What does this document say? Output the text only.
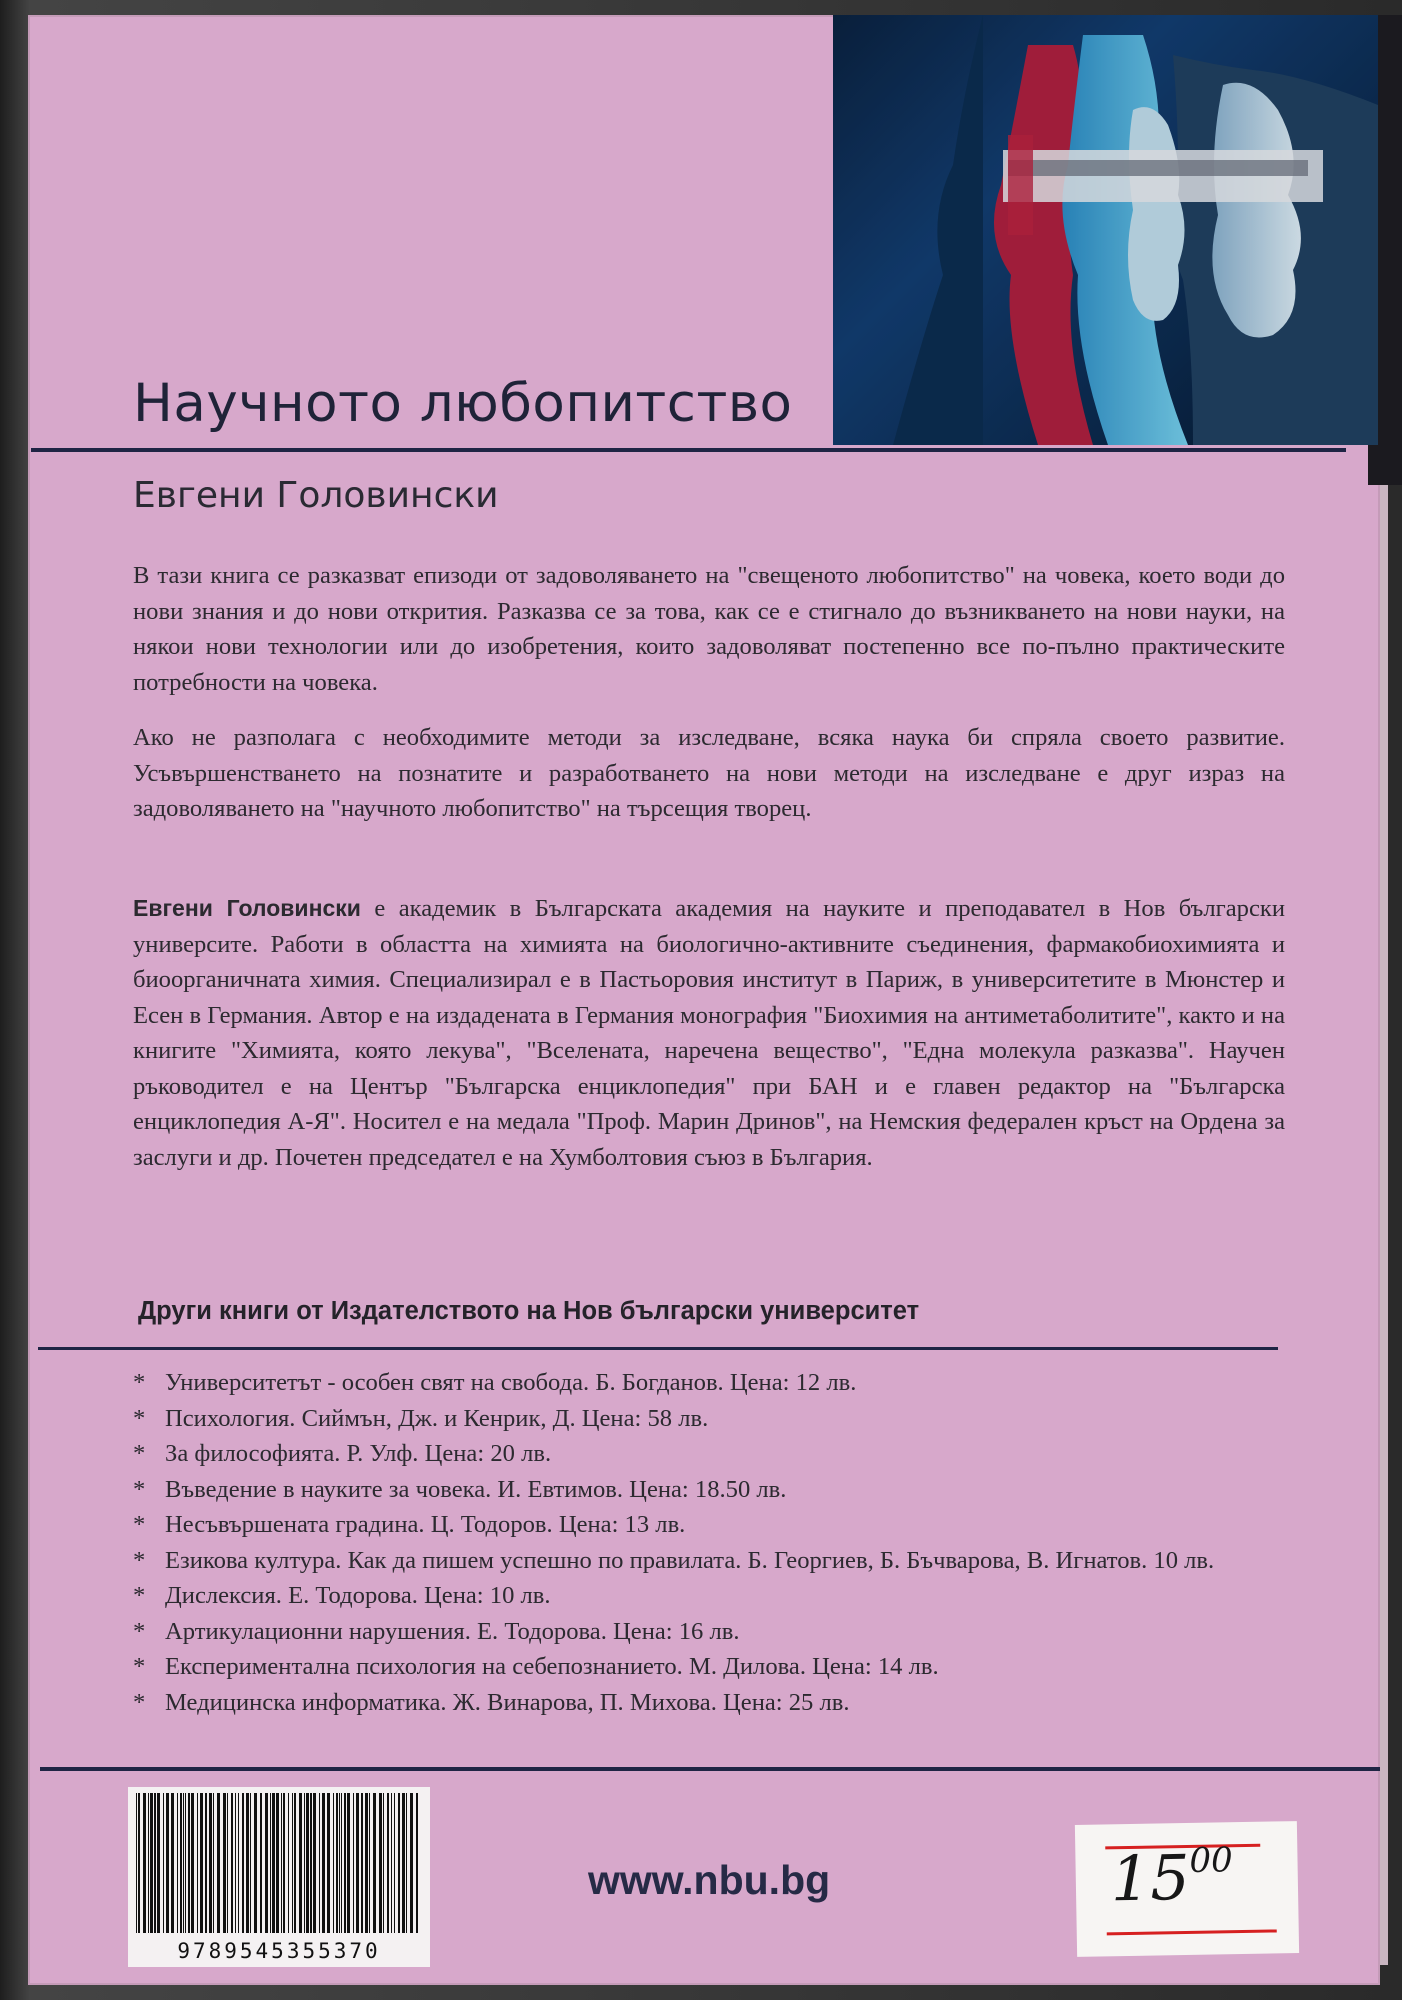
Научното любопитство
Евгени Головински
В тази книга се разказват епизоди от задоволяването на "свещеното любопитство" на човека, което води до нови знания и до нови открития. Разказва се за това, как се е стигнало до възникването на нови науки, на някои нови технологии или до изобретения, които задоволяват постепенно все по-пълно практическите потребности на човека.
Ако не разполага с необходимите методи за изследване, всяка наука би спряла своето развитие. Усъвършенстването на познатите и разработването на нови методи на изследване е друг израз на задоволяването на "научното любопитство" на търсещия творец.
Евгени Головински е академик в Българската академия на науките и преподавател в Нов български университе. Работи в областта на химията на биологично-активните съединения, фармакобиохимията и биоорганичната химия. Специализирал е в Пастьоровия институт в Париж, в университетите в Мюнстер и Есен в Германия. Автор е на издадената в Германия монография "Биохимия на антиметаболитите", както и на книгите "Химията, която лекува", "Вселената, наречена вещество", "Една молекула разказва". Научен ръководител е на Център "Българска енциклопедия" при БАН и е главен редактор на "Българска енциклопедия А-Я". Носител е на медала "Проф. Марин Дринов", на Немския федерален кръст на Ордена за заслуги и др. Почетен председател е на Хумболтовия съюз в България.
Други книги от Издателството на Нов български университет
* Университетът - особен свят на свобода. Б. Богданов. Цена: 12 лв.
* Психология. Сиймън, Дж. и Кенрик, Д. Цена: 58 лв.
* За философията. Р. Улф. Цена: 20 лв.
* Въведение в науките за човека. И. Евтимов. Цена: 18.50 лв.
* Несъвършената градина. Ц. Тодоров. Цена: 13 лв.
* Езикова култура. Как да пишем успешно по правилата. Б. Георгиев, Б. Бъчварова, В. Игнатов. 10 лв.
* Дислексия. Е. Тодорова. Цена: 10 лв.
* Артикулационни нарушения. Е. Тодорова. Цена: 16 лв.
* Експериментална психология на себепознанието. М. Дилова. Цена: 14 лв.
* Медицинска информатика. Ж. Винарова, П. Михова. Цена: 25 лв.
9789545355370
www.nbu.bg	$15^{00}$
